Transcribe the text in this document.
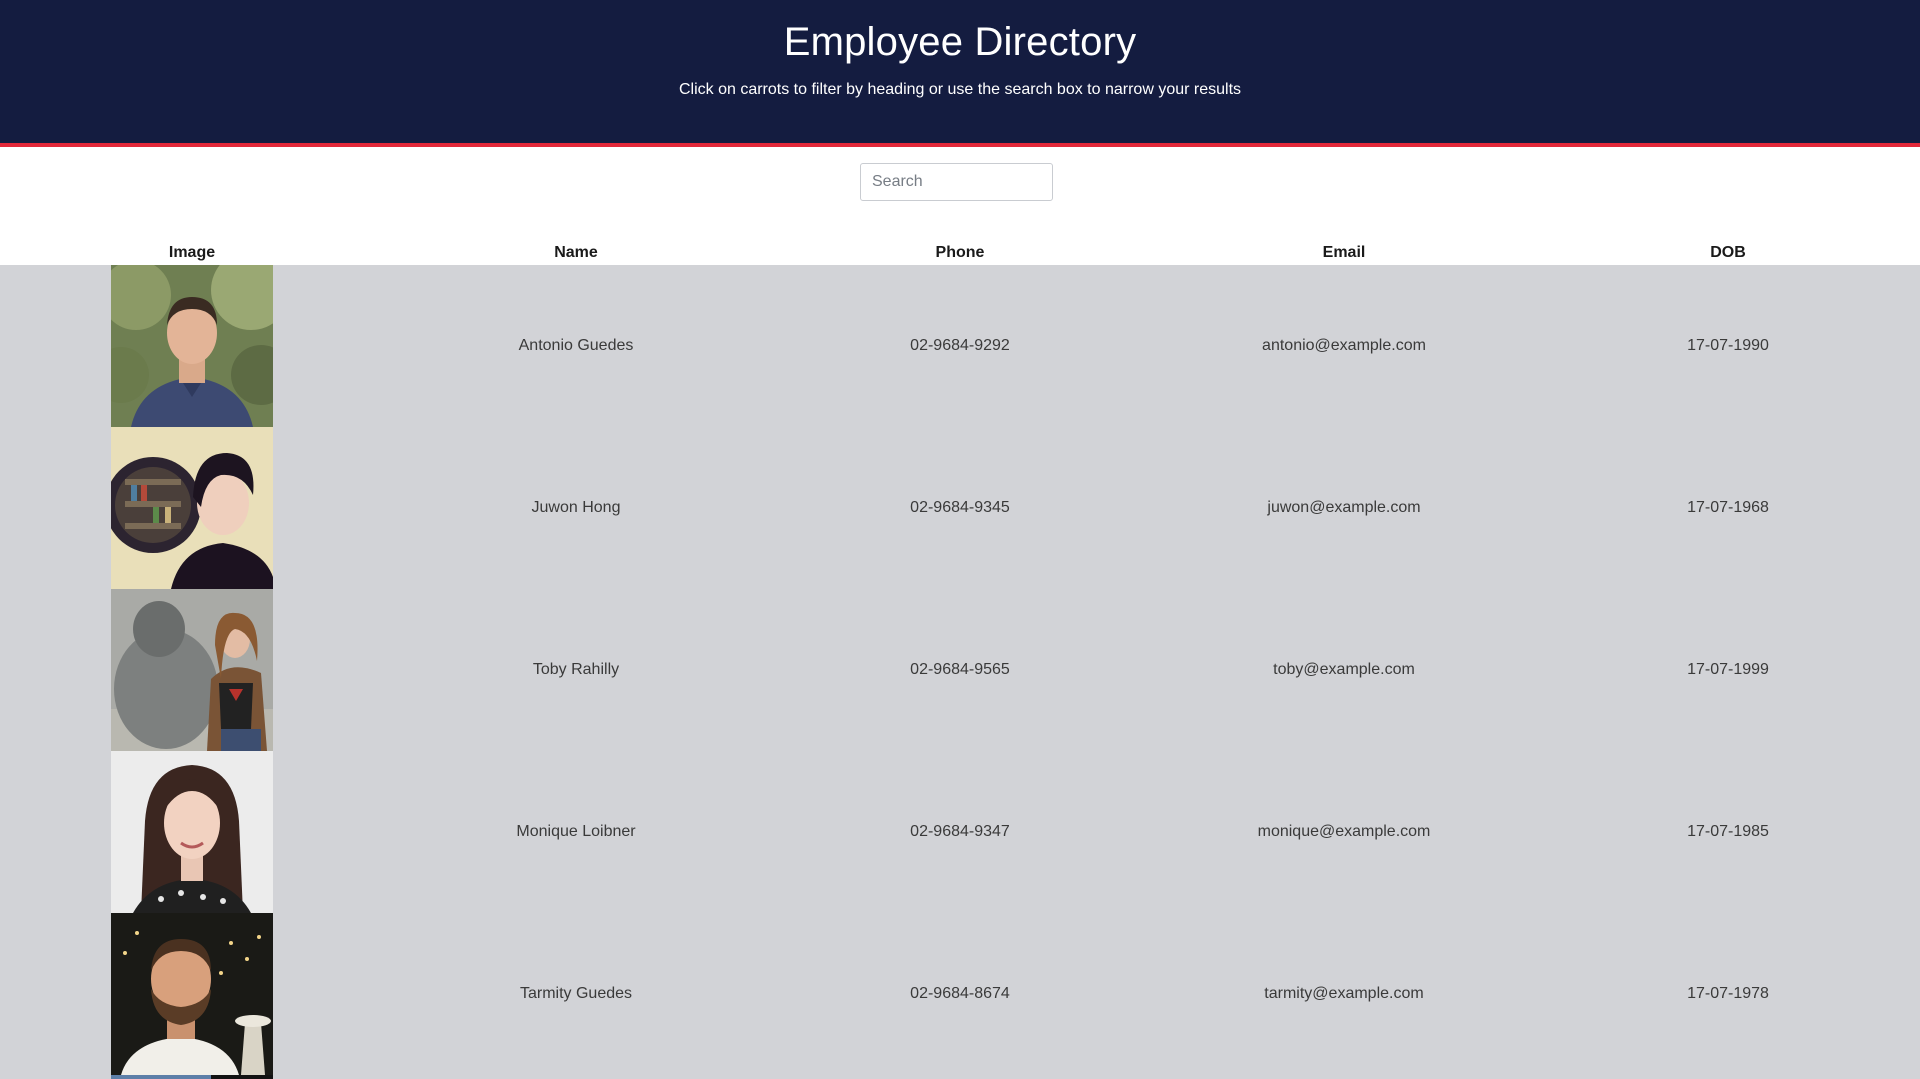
Employee Directory

Click on carrots to filter by heading or use the search box to narrow your results

Search
Image	Name	Phone	Email	DOB
Antonio Guedes	02-9684-9292	antonio@example.com	17-07-1990
Juwon Hong	02-9684-9345	juwon@example.com	17-07-1968
Toby Rahilly	02-9684-9565	toby@example.com	17-07-1999
Monique Loibner	02-9684-9347	monique@example.com	17-07-1985
Tarmity Guedes	02-9684-8674	tarmity@example.com	17-07-1978
